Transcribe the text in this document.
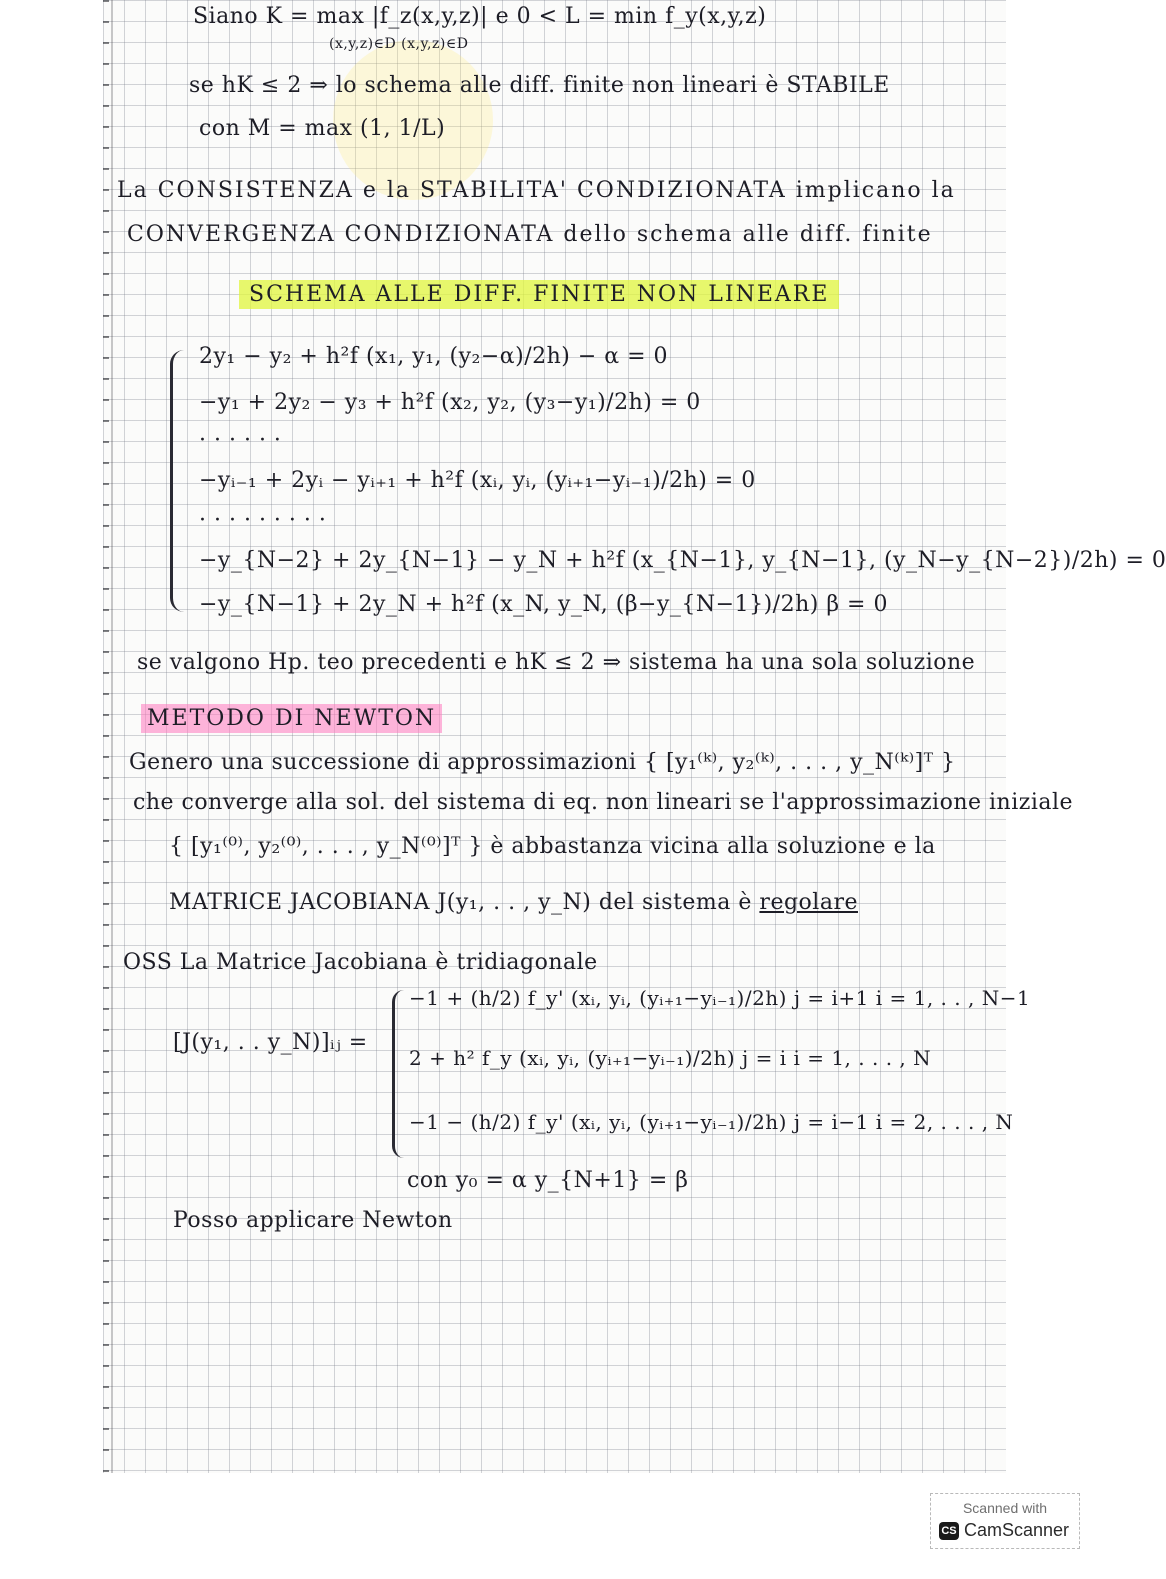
Siano K = max |f_z(x,y,z)| e 0 < L = min f_y(x,y,z)
(x,y,z)∈D (x,y,z)∈D
se hK ≤ 2 ⇒ lo schema alle diff. finite non lineari è STABILE
con M = max (1, 1/L)
La CONSISTENZA e la STABILITA' CONDIZIONATA implicano la
CONVERGENZA CONDIZIONATA dello schema alle diff. finite
SCHEMA ALLE DIFF. FINITE NON LINEARE
2y₁ − y₂ + h²f (x₁, y₁, (y₂−α)/2h) − α = 0
−y₁ + 2y₂ − y₃ + h²f (x₂, y₂, (y₃−y₁)/2h) = 0
· · · · · ·
−yᵢ₋₁ + 2yᵢ − yᵢ₊₁ + h²f (xᵢ, yᵢ, (yᵢ₊₁−yᵢ₋₁)/2h) = 0
· · · · · · · · ·
−y_{N−2} + 2y_{N−1} − y_N + h²f (x_{N−1}, y_{N−1}, (y_N−y_{N−2})/2h) = 0
−y_{N−1} + 2y_N + h²f (x_N, y_N, (β−y_{N−1})/2h) β = 0
se valgono Hp. teo precedenti e hK ≤ 2 ⇒ sistema ha una sola soluzione
METODO DI NEWTON
Genero una successione di approssimazioni { [y₁⁽ᵏ⁾, y₂⁽ᵏ⁾, . . . , y_N⁽ᵏ⁾]ᵀ }
che converge alla sol. del sistema di eq. non lineari se l'approssimazione iniziale
{ [y₁⁽⁰⁾, y₂⁽⁰⁾, . . . , y_N⁽⁰⁾]ᵀ } è abbastanza vicina alla soluzione e la
MATRICE JACOBIANA J(y₁, . . , y_N) del sistema è regolare
OSS La Matrice Jacobiana è tridiagonale
[J(y₁, . . y_N)]ᵢⱼ =
−1 + (h/2) f_y' (xᵢ, yᵢ, (yᵢ₊₁−yᵢ₋₁)/2h) j = i+1 i = 1, . . , N−1
2 + h² f_y (xᵢ, yᵢ, (yᵢ₊₁−yᵢ₋₁)/2h) j = i i = 1, . . . , N
−1 − (h/2) f_y' (xᵢ, yᵢ, (yᵢ₊₁−yᵢ₋₁)/2h) j = i−1 i = 2, . . . , N
con y₀ = α y_{N+1} = β
Posso applicare Newton
Scanned with
CS CamScanner
